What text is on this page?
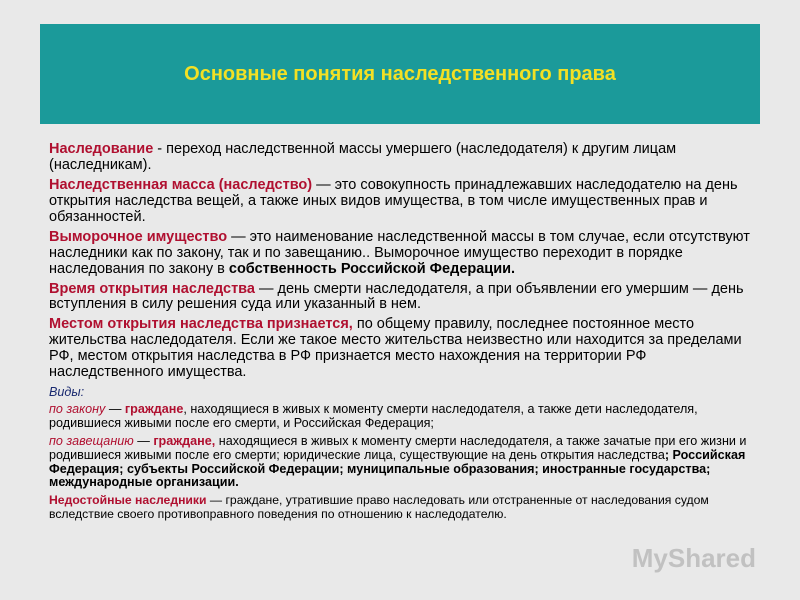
Основные понятия наследственного права

Наследование - переход наследственной массы умершего (наследодателя) к другим лицам (наследникам).

Наследственная масса (наследство) — это совокупность принадлежавших наследодателю на день открытия наследства вещей, а также иных видов имущества, в том числе имущественных прав и обязанностей.

Выморочное имущество — это наименование наследственной массы в том случае, если отсутствуют наследники как по закону, так и по завещанию.. Выморочное имущество переходит в порядке наследования по закону в собственность Российской Федерации.

Время открытия наследства — день смерти наследодателя, а при объявлении его умершим — день вступления в силу решения суда или указанный в нем.

Местом открытия наследства признается, по общему правилу, последнее постоянное место жительства наследодателя. Если же такое место жительства неизвестно или находится за пределами РФ, местом открытия наследства в РФ признается место нахождения на территории РФ наследственного имущества.

Виды:

по закону — граждане, находящиеся в живых к моменту смерти наследодателя, а также дети наследодателя, родившиеся живыми после его смерти, и Российская Федерация;

по завещанию — граждане, находящиеся в живых к моменту смерти наследодателя, а также зачатые при его жизни и родившиеся живыми после его смерти; юридические лица, существующие на день открытия наследства; Российская Федерация; субъекты Российской Федерации; муниципальные образования; иностранные государства; международные организации.

Недостойные наследники — граждане, утратившие право наследовать или отстраненные от наследования судом вследствие своего противоправного поведения по отношению к наследодателю.

MyShared
